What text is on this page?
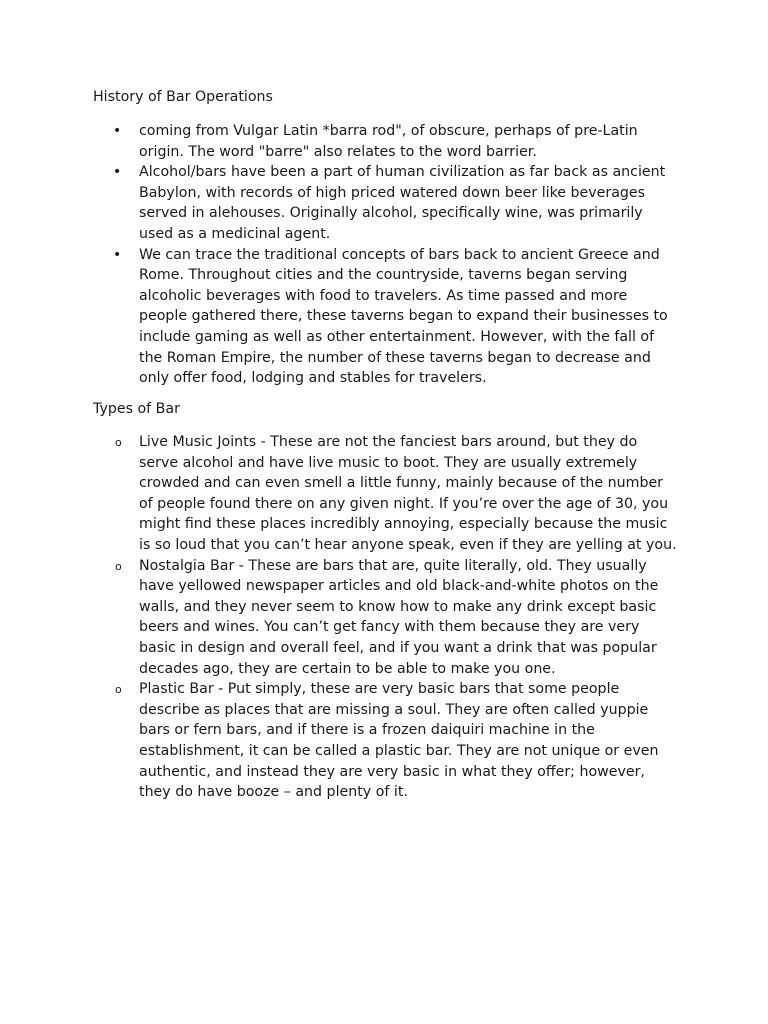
History of Bar Operations
•
coming from Vulgar Latin *barra rod", of obscure, perhaps of pre-Latin origin. The word "barre" also relates to the word barrier.
•
Alcohol/bars have been a part of human civilization as far back as ancient Babylon, with records of high priced watered down beer like beverages served in alehouses. Originally alcohol, specifically wine, was primarily used as a medicinal agent.
•
We can trace the traditional concepts of bars back to ancient Greece and Rome. Throughout cities and the countryside, taverns began serving alcoholic beverages with food to travelers. As time passed and more people gathered there, these taverns began to expand their businesses to include gaming as well as other entertainment. However, with the fall of the Roman Empire, the number of these taverns began to decrease and only offer food, lodging and stables for travelers.
Types of Bar
o
Live Music Joints - These are not the fanciest bars around, but they do serve alcohol and have live music to boot. They are usually extremely crowded and can even smell a little funny, mainly because of the number of people found there on any given night. If you’re over the age of 30, you might find these places incredibly annoying, especially because the music is so loud that you can’t hear anyone speak, even if they are yelling at you.
o
Nostalgia Bar - These are bars that are, quite literally, old. They usually have yellowed newspaper articles and old black-and-white photos on the walls, and they never seem to know how to make any drink except basic beers and wines. You can’t get fancy with them because they are very basic in design and overall feel, and if you want a drink that was popular decades ago, they are certain to be able to make you one.
o
Plastic Bar - Put simply, these are very basic bars that some people describe as places that are missing a soul. They are often called yuppie bars or fern bars, and if there is a frozen daiquiri machine in the establishment, it can be called a plastic bar. They are not unique or even authentic, and instead they are very basic in what they offer; however, they do have booze – and plenty of it.
